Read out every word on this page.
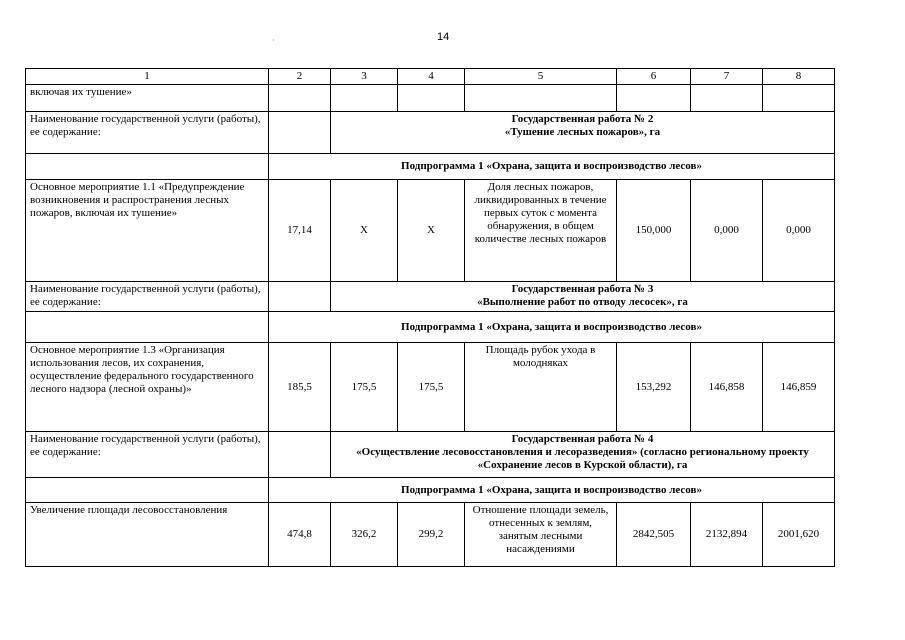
14
·
1	2	3	4	5	6	7	8
включая их тушение»							
Наименование государственной услуги (работы), ее содержание:		Государственная работа № 2
«Тушение лесных пожаров», га					

	Подпрограмма 1 «Охрана, защита и воспроизводство лесов»						
Основное мероприятие 1.1 «Предупреждение возникновения и распространения лесных пожаров, включая их тушение»	17,14	Х	Х	Доля лесных пожаров, ликвидированных в течение первых суток с момента обнаружения, в общем количестве лесных пожаров	150,000	0,000	0,000
Наименование государственной услуги (работы), ее содержание:		Государственная работа № 3
«Выполнение работ по отводу лесосек», га					

	Подпрограмма 1 «Охрана, защита и воспроизводство лесов»						
Основное мероприятие 1.3 «Организация использования лесов, их сохранения, осуществление федерального государственного лесного надзора (лесной охраны)»	185,5	175,5	175,5	Площадь рубок ухода в молодняках	153,292	146,858	146,859
Наименование государственной услуги (работы), ее содержание:		Государственная работа № 4
«Осуществление лесовосстановления и лесоразведения» (согласно региональному проекту «Сохранение лесов в Курской области), га					

	Подпрограмма 1 «Охрана, защита и воспроизводство лесов»						
Увеличение площади лесовосстановления	474,8	326,2	299,2	Отношение площади земель, отнесенных к землям, занятым лесными насаждениями	2842,505	2132,894	2001,620
